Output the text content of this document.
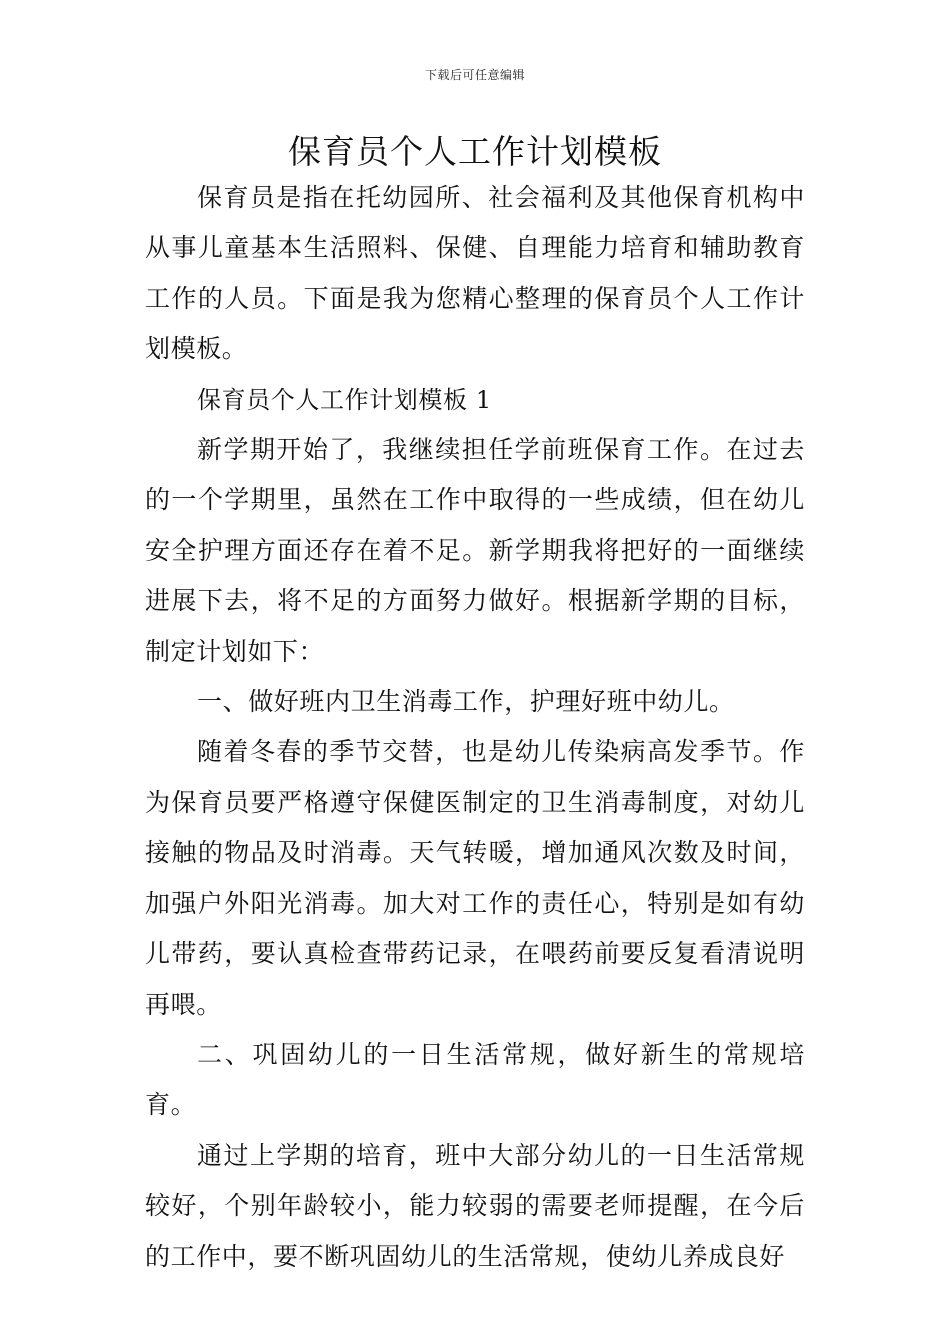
下载后可任意编辑
保育员个人工作计划模板

保育员是指在托幼园所、社会福利及其他保育机构中从事儿童基本生活照料、保健、自理能力培育和辅助教育工作的人员。下面是我为您精心整理的保育员个人工作计划模板。

保育员个人工作计划模板 1

新学期开始了，我继续担任学前班保育工作。在过去的一个学期里，虽然在工作中取得的一些成绩，但在幼儿安全护理方面还存在着不足。新学期我将把好的一面继续进展下去，将不足的方面努力做好。根据新学期的目标，制定计划如下：

一、做好班内卫生消毒工作，护理好班中幼儿。

随着冬春的季节交替，也是幼儿传染病高发季节。作为保育员要严格遵守保健医制定的卫生消毒制度，对幼儿接触的物品及时消毒。天气转暖，增加通风次数及时间，加强户外阳光消毒。加大对工作的责任心，特别是如有幼儿带药，要认真检查带药记录，在喂药前要反复看清说明再喂。

二、巩固幼儿的一日生活常规，做好新生的常规培育。

通过上学期的培育，班中大部分幼儿的一日生活常规较好，个别年龄较小，能力较弱的需要老师提醒，在今后的工作中，要不断巩固幼儿的生活常规，使幼儿养成良好
